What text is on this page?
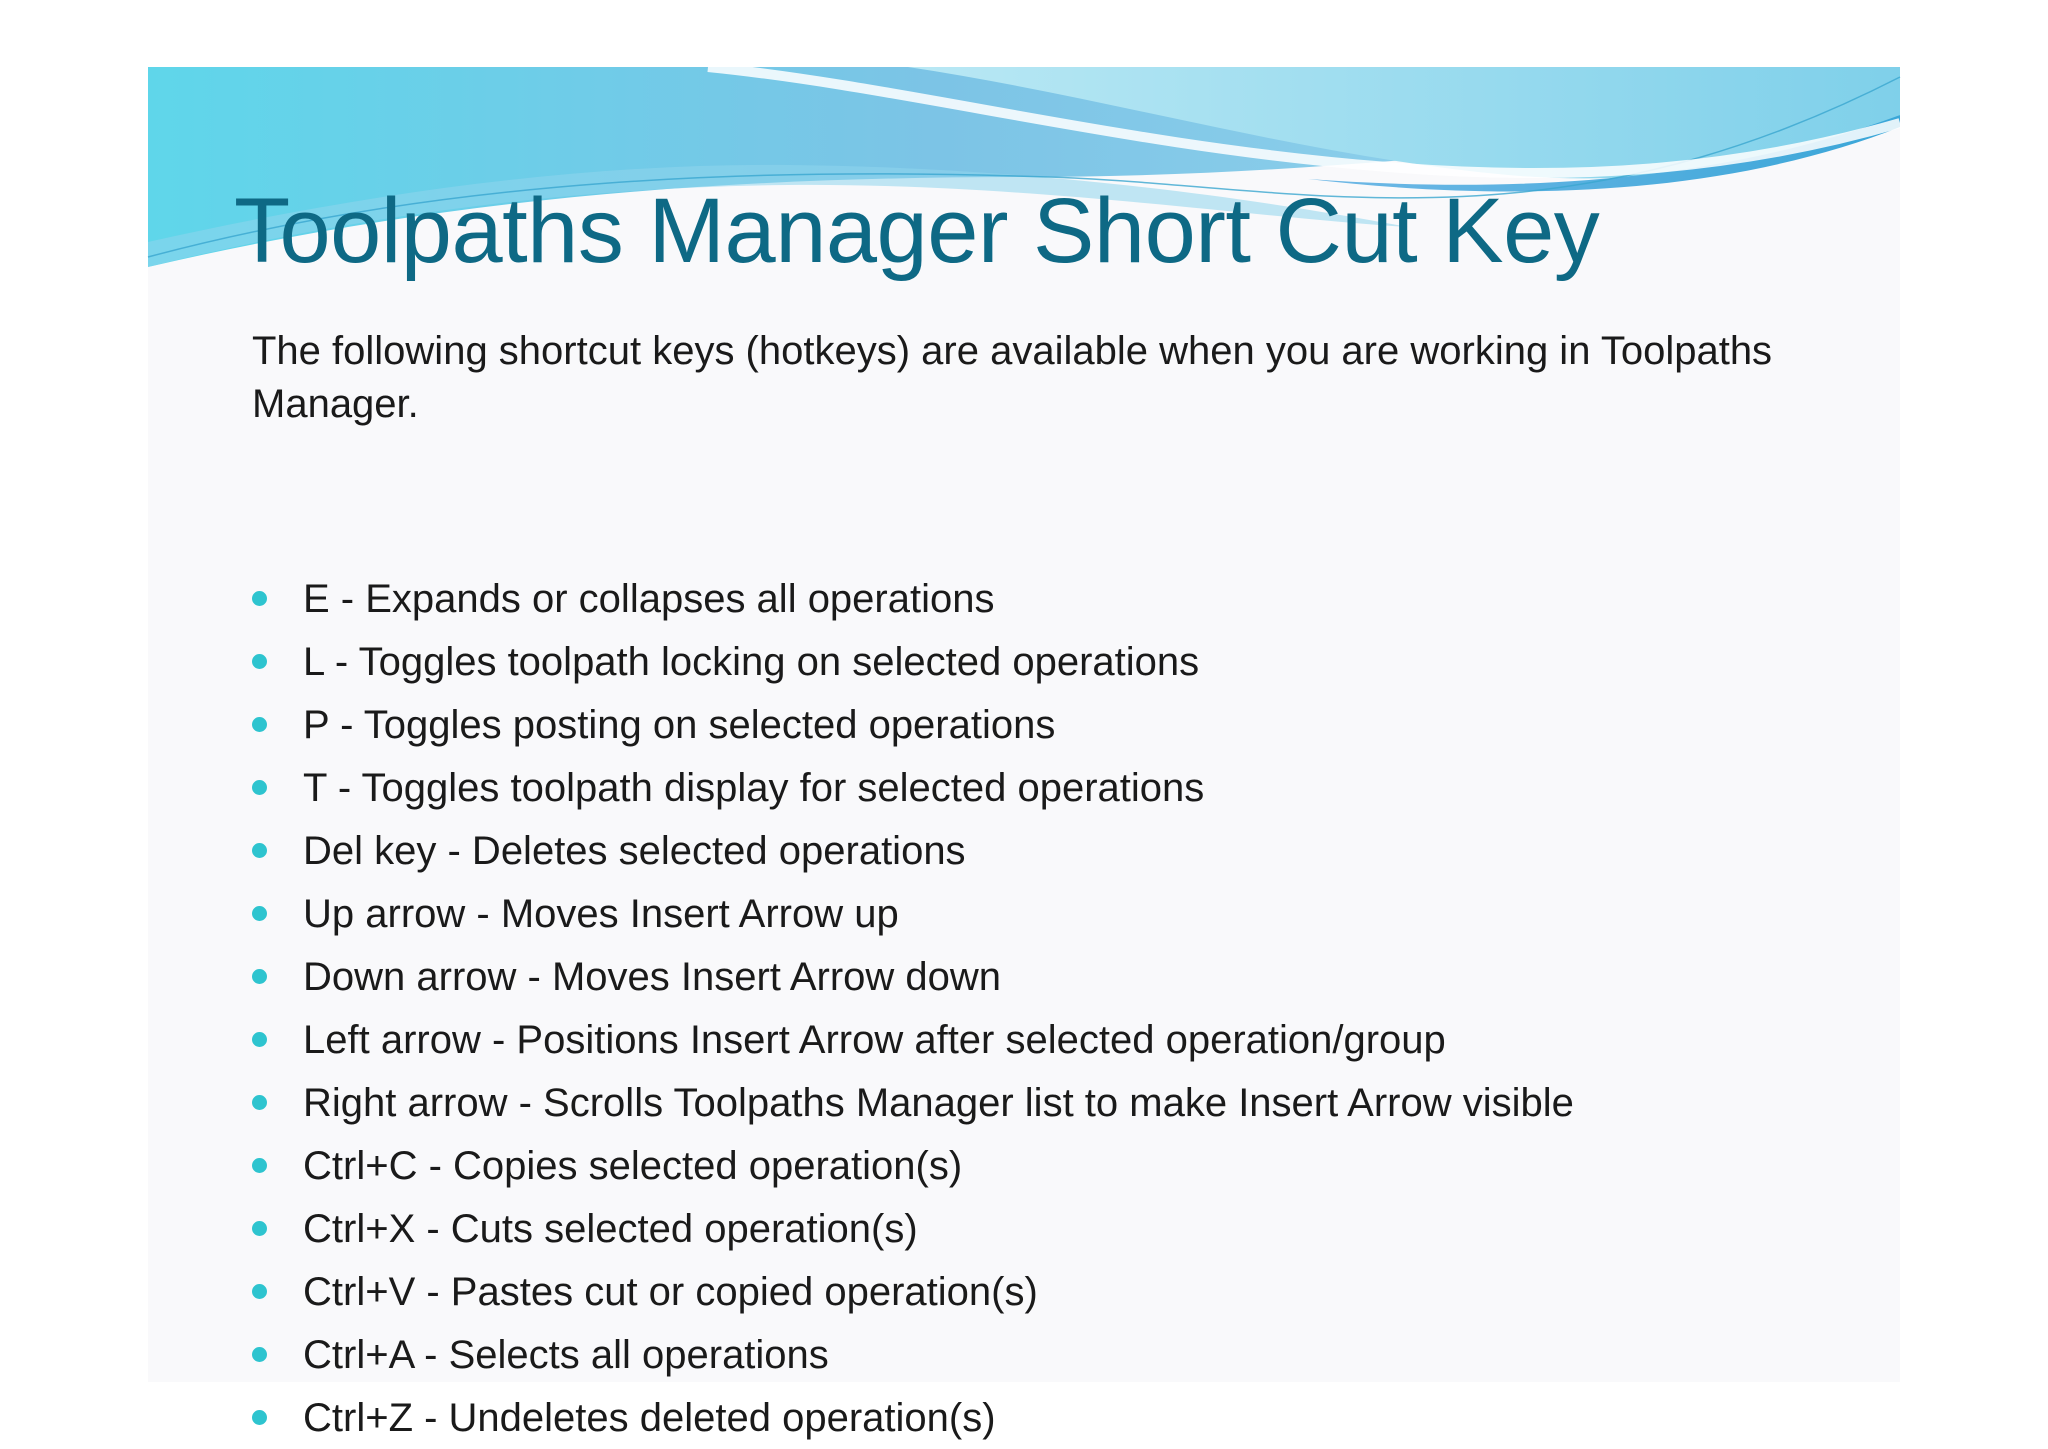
Toolpaths Manager Short Cut Key

The following shortcut keys (hotkeys) are available when you are working in Toolpaths Manager.

E - Expands or collapses all operations
L - Toggles toolpath locking on selected operations
P - Toggles posting on selected operations
T - Toggles toolpath display for selected operations
Del key - Deletes selected operations
Up arrow - Moves Insert Arrow up
Down arrow - Moves Insert Arrow down
Left arrow - Positions Insert Arrow after selected operation/group
Right arrow - Scrolls Toolpaths Manager list to make Insert Arrow visible
Ctrl+C - Copies selected operation(s)
Ctrl+X - Cuts selected operation(s)
Ctrl+V - Pastes cut or copied operation(s)
Ctrl+A - Selects all operations
Ctrl+Z - Undeletes deleted operation(s)
